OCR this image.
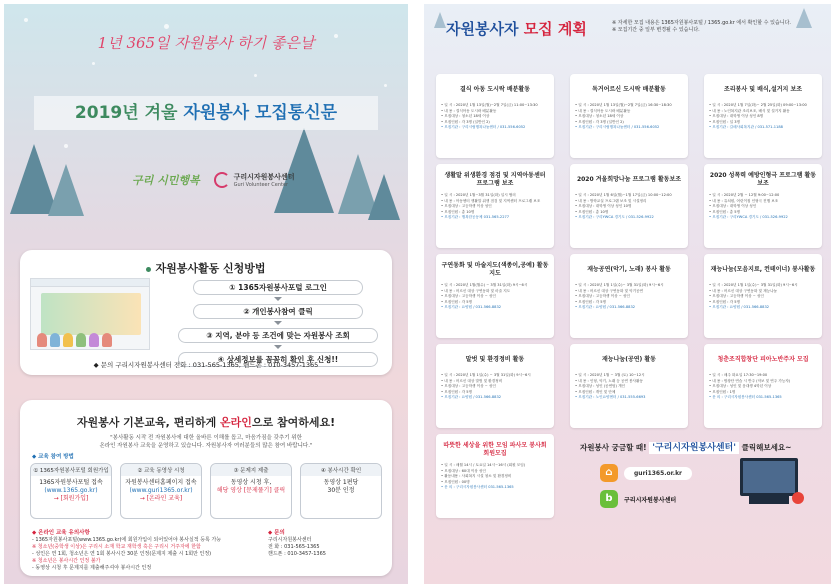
1년 365일 자원봉사 하기 좋은날
2019년 겨울 자원봉사 모집통신문
구리 시민행복	구리시자원봉사센터
Guri Volunteer Center
자원봉사활동 신청방법
① 1365자원봉사포털 로그인
② 개인봉사참여 클릭
③ 지역, 분야 등 조건에 맞는 자원봉사 조회
④ 상세정보를 꼼꼼히 확인 후 신청!!
◆ 문의 구리시자원봉사센터 전화 : 031-565-1365, 핸드폰 : 010-3457-1365
자원봉사 기본교육, 편리하게 온라인으로 참여하세요!
"봉사활동 시작 전 자원봉사에 대한 올바른 이해를 돕고, 마음가짐을 갖추기 위한
온라인 자원봉사 교육을 운영하고 있습니다. 자원봉사자 여러분들의 많은 참여 바랍니다."
◆ 교육 참여 방법
① 1365자원봉사포털 회원가입
1365자원봉사포털 접속
(www.1365.go.kr)
→ [회원가입]
② 교육 동영상 시청
자원봉사센터홈페이지 접속
(www.guri1365.or.kr)
→ [온라인 교육]
③ 문제지 제출
동영상 시청 후,
해당 영상 [문제풀기] 클릭
④ 봉사시간 확인
동영상 1편당
30분 인정
◆ 온라인 교육 유의사항
- 1365자원봉사포털(www.1365.go.kr)에 회원가입이 되어있어야 봉사실적 등록 가능
※ 청소년(중학생 이상)은 구리시 소재 학교 재학생 혹은 구리시 거주자에 한함
- 성인은 연 1회, 청소년은 연 1회 봉사시간 30분 인정(문제지 제출 시 1회만 인정)
※ 청소년은 봉사시간 인정 불가
- 동영상 시청 후 문제지를 제출해주셔야 봉사시간 인정
◆ 문의
구리시자원봉사센터
전 화 : 031-565-1365
핸드폰 : 010-3457-1365
자원봉사자 모집 계획	※ 자세한 모집 내용은 1365자원봉사포털 / 1365.go.kr 에서 확인할 수 있습니다.
※ 모집기간 중 일부 변경될 수 있습니다.
결식 아동 도시락 배분활동
• 일 시 : 2020년 1월 13일(월)~2월 7일(금) 11:00~13:30
• 내 용 : 결식아동 도시락 배분활동
• 모집대상 : 청소년 18세 이상
• 모집인원 : 각 3명 (일반인 2)
• 모집기관 : 구리시립행복나눔센터 / 031-556-6052
독거어르신 도시락 배분활동
• 일 시 : 2020년 1월 13일(월)~2월 7일(금) 16:30~18:30
• 내 용 : 결식아동 도시락 배분활동
• 모집대상 : 청소년 18세 이상
• 모집인원 : 각 3명 (일반인 2)
• 모집기관 : 구리시립행복나눔센터 / 031-556-6052
조리봉사 및 배식,설거지 보조
• 일 시 : 2020년 1월 7일(화)~ 2월 25일(화) 09:00~13:00
• 내 용 : 노인복지관 조리보조, 배식 및 설거지 활동
• 모집대상 : 대학생 이상 성인 8명
• 모집인원 : 일 3명
• 모집기관 : 갈매사회복지관 / 031-571-1188
생활말 위생환경 점검 및 지역아동센터 프로그램 보조
• 일 시 : 2020년 1월~3월 31일(화) 일시 협의
• 내 용 : 아동센터 생활말 위생 점검 및 지역센터 프로그램 보조
• 모집대상 : 고등학생 이상 성인
• 모집인원 : 총 10명
• 모집기관 : 행복한공동체 031-565-2277
2020 겨울희망나눔 프로그램 활동보조
• 일 시 : 2020년 1월 6일(월)~1월 17일(금) 10:00~12:00
• 내 용 : 방학교실 프로그램 보조 및 시설정리
• 모집대상 : 대학생 이상 성인 10명
• 모집인원 : 총 10명
• 모집기관 : 구리YWCA 경기도 / 031-526-9922
2020 성폭력 예방인형극 프로그램 활동보조
• 일 시 : 2020년 2월 ~ 12월 9:00~12:00
• 내 용 : 유치원, 어린이집 인형극 진행 보조
• 모집대상 : 대학생 이상 성인
• 모집인원 : 총 5명
• 모집기관 : 구리YWCA 경기도 / 031-526-9922
구연동화 및 마술지도(색종이,공예) 활동지도
• 일 시 : 2020년 1월(월수) ~ 3월 31일(화) 9시~6시
• 내 용 : 어르신 대상 구연동화 및 마술 지도
• 모집대상 : 고등학생 이상 ~ 성인
• 모집인원 : 각 5명
• 모집기관 : 요양원 / 031-566-8832
재능공연(악기, 노래) 봉사 활동
• 일 시 : 2020년 1월 1일(수)~ 3월 31일(화) 9시~6시
• 내 용 : 어르신 대상 구연동화 및 악기공연
• 모집대상 : 고등학생 이상 ~ 성인
• 모집인원 : 각 5명
• 모집기관 : 요양원 / 031-566-8832
재능나눔(모음지료, 컨테이너) 봉사활동
• 일 시 : 2020년 1월 1일(수)~ 3월 31일(화) 9시~6시
• 내 용 : 어르신 대상 구연동화 및 재능나눔
• 모집대상 : 고등학생 이상 ~ 성인
• 모집인원 : 각 5명
• 모집기관 : 요양원 / 031-566-8832
말벗 및 환경정비 활동
• 일 시 : 2020년 1월 1일(수) ~ 3월 31일(화) 9시~6시
• 내 용 : 어르신 대상 말벗 및 환경정비
• 모집대상 : 고등학생 이상 ~ 성인
• 모집인원 : 각 5명
• 모집기관 : 요양원 / 031-566-8832
재능나눔(공연) 활동
• 일 시 : 2020년 1월 ~ 3월 (토) 10~12시
• 내 용 : 인형, 악기, 노래 등 공연 봉사활동
• 모집대상 : 성인 (공연팀) 개인
• 모집인원 : 개인 및 단체
• 모집기관 : 노인요양센터 / 031-555-6693
청춘조직합창단 피아노반주자 모집
• 일 시 : 매주 화요일 17:30~19:00
• 내 용 : 합창단 연습 시 반주 (악보 및 연주 가능자)
• 모집대상 : 성인 및 음대생 4학년 이상
• 모집인원 : 1명
• 문 의 : 구리시자원봉사센터 031-565-1365
따뜻한 세상을 위한 모임 파사모 봉사회 회원모집
• 일 시 : 매월 14시 / 토요일 14시~16시 (회원 모임)
• 모집대상 : 60대 이상 성인
• 활동내용 : 사회복지 시설 청소 및 환경정비
• 모집인원 : 00명
• 문 의 : 구리시자원봉사센터 031-565-1365
자원봉사 궁금할 때! '구리시자원봉사센터' 클릭해보세요~
⌂	guri1365.or.kr
b	구리시자원봉사센터
